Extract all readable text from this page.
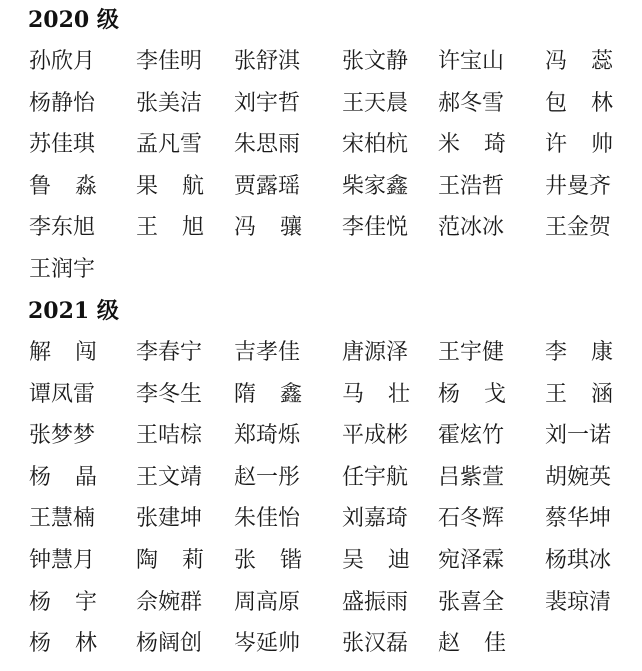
2020 级
孙欣月 李佳明 张舒淇 张文静 许宝山 冯蕊
杨静怡 张美洁 刘宇哲 王天晨 郝冬雪 包林
苏佳琪 孟凡雪 朱思雨 宋柏杭 米琦 许帅
鲁淼 果航 贾露瑶 柴家鑫 王浩哲 井曼齐
李东旭 王旭 冯骧 李佳悦 范冰冰 王金贺
王润宇
2021 级
解闯 李春宁 吉孝佳 唐源泽 王宇健 李康
谭凤雷 李冬生 隋鑫 马壮 杨戈 王涵
张梦梦 王咭棕 郑琦烁 平成彬 霍炫竹 刘一诺
杨晶 王文靖 赵一彤 任宇航 吕紫萱 胡婉英
王慧楠 张建坤 朱佳怡 刘嘉琦 石冬辉 蔡华坤
钟慧月 陶莉 张锴 吴迪 宛泽霖 杨琪冰
杨宇 佘婉群 周高原 盛振雨 张喜全 裴琼清
杨林 杨阔创 岑延帅 张汉磊 赵佳
